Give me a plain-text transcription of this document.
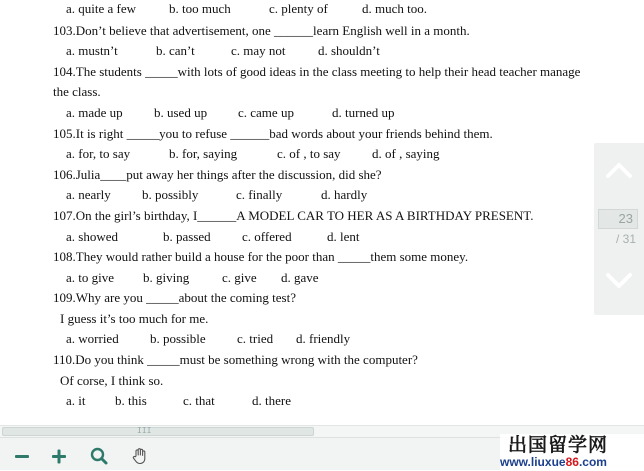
a. quite a few	b. too much	c. plenty of	d. much too.
103.Don’t believe that advertisement, one ______learn English well in a month.
a. mustn’t	b. can’t	c. may not d. shouldn’t
104.The students _____with lots of good ideas in the class meeting to help their head teacher manage
the class.
a. made up b. used up c. came up	d. turned up
105.It is right _____you to refuse ______bad words about your friends behind them.
a. for, to say	b. for, saying	c. of , to say d. of , saying
106.Julia____put away her things after the discussion, did she?
a. nearly b. possibly	c. finally	d. hardly
107.On the girl’s birthday, I______A MODEL CAR TO HER AS A BIRTHDAY PRESENT.
a. showed	b. passed c. offered	d. lent
108.They would rather build a house for the poor than _____them some money.
a. to give b. giving	c. give d. gave
109.Why are you _____about the coming test?
I guess it’s too much for me.
a. worried b. possible c. tried d. friendly
110.Do you think _____must be something wrong with the computer?
Of corse, I think so.
a. it b. this	c. that	d. there
23
/ 31
III
出国留学网
www.liuxue86.com
